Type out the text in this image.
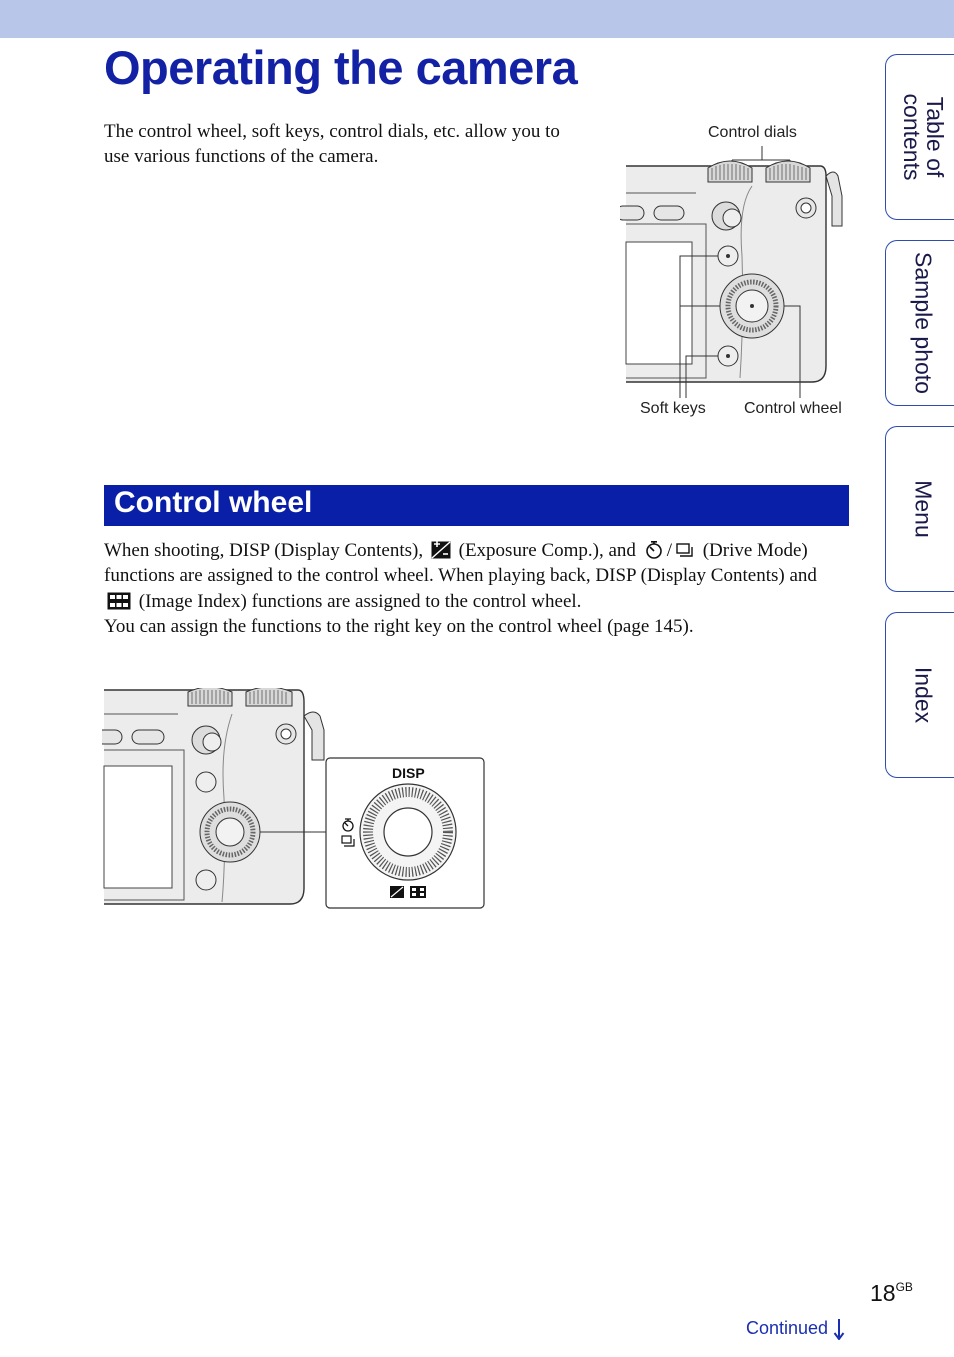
Operating the camera
The control wheel, soft keys, control dials, etc. allow you to use various functions of the camera.
Control dials
Soft keys Control wheel
Control wheel

When shooting, DISP (Display Contents),  (Exposure Comp.), and / (Drive Mode) functions are assigned to the control wheel. When playing back, DISP (Display Contents) and  (Image Index) functions are assigned to the control wheel.

You can assign the functions to the right key on the control wheel (page 145).

DISP
Table of
contents
Sample photo
Menu
Index
$18^{GB}$
Continued
